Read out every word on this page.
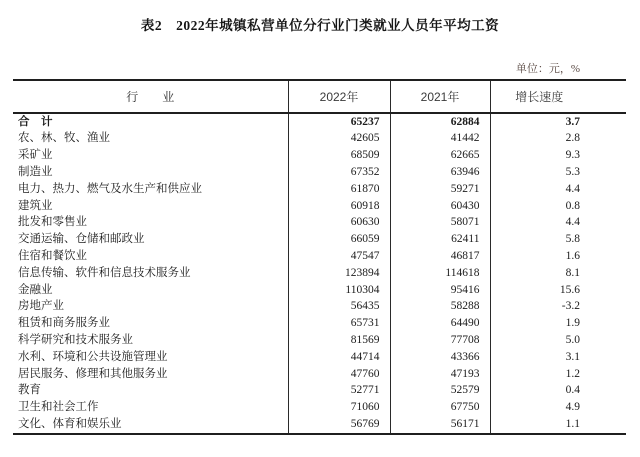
表2　2022年城镇私营单位分行业门类就业人员年平均工资
单位：元，%
行　　业	2022年	2021年	增长速度
合　计	65237	62884	3.7
农、林、牧、渔业	42605	41442	2.8
采矿业	68509	62665	9.3
制造业	67352	63946	5.3
电力、热力、燃气及水生产和供应业	61870	59271	4.4
建筑业	60918	60430	0.8
批发和零售业	60630	58071	4.4
交通运输、仓储和邮政业	66059	62411	5.8
住宿和餐饮业	47547	46817	1.6
信息传输、软件和信息技术服务业	123894	114618	8.1
金融业	110304	95416	15.6
房地产业	56435	58288	-3.2
租赁和商务服务业	65731	64490	1.9
科学研究和技术服务业	81569	77708	5.0
水利、环境和公共设施管理业	44714	43366	3.1
居民服务、修理和其他服务业	47760	47193	1.2
教育	52771	52579	0.4
卫生和社会工作	71060	67750	4.9
文化、体育和娱乐业	56769	56171	1.1
